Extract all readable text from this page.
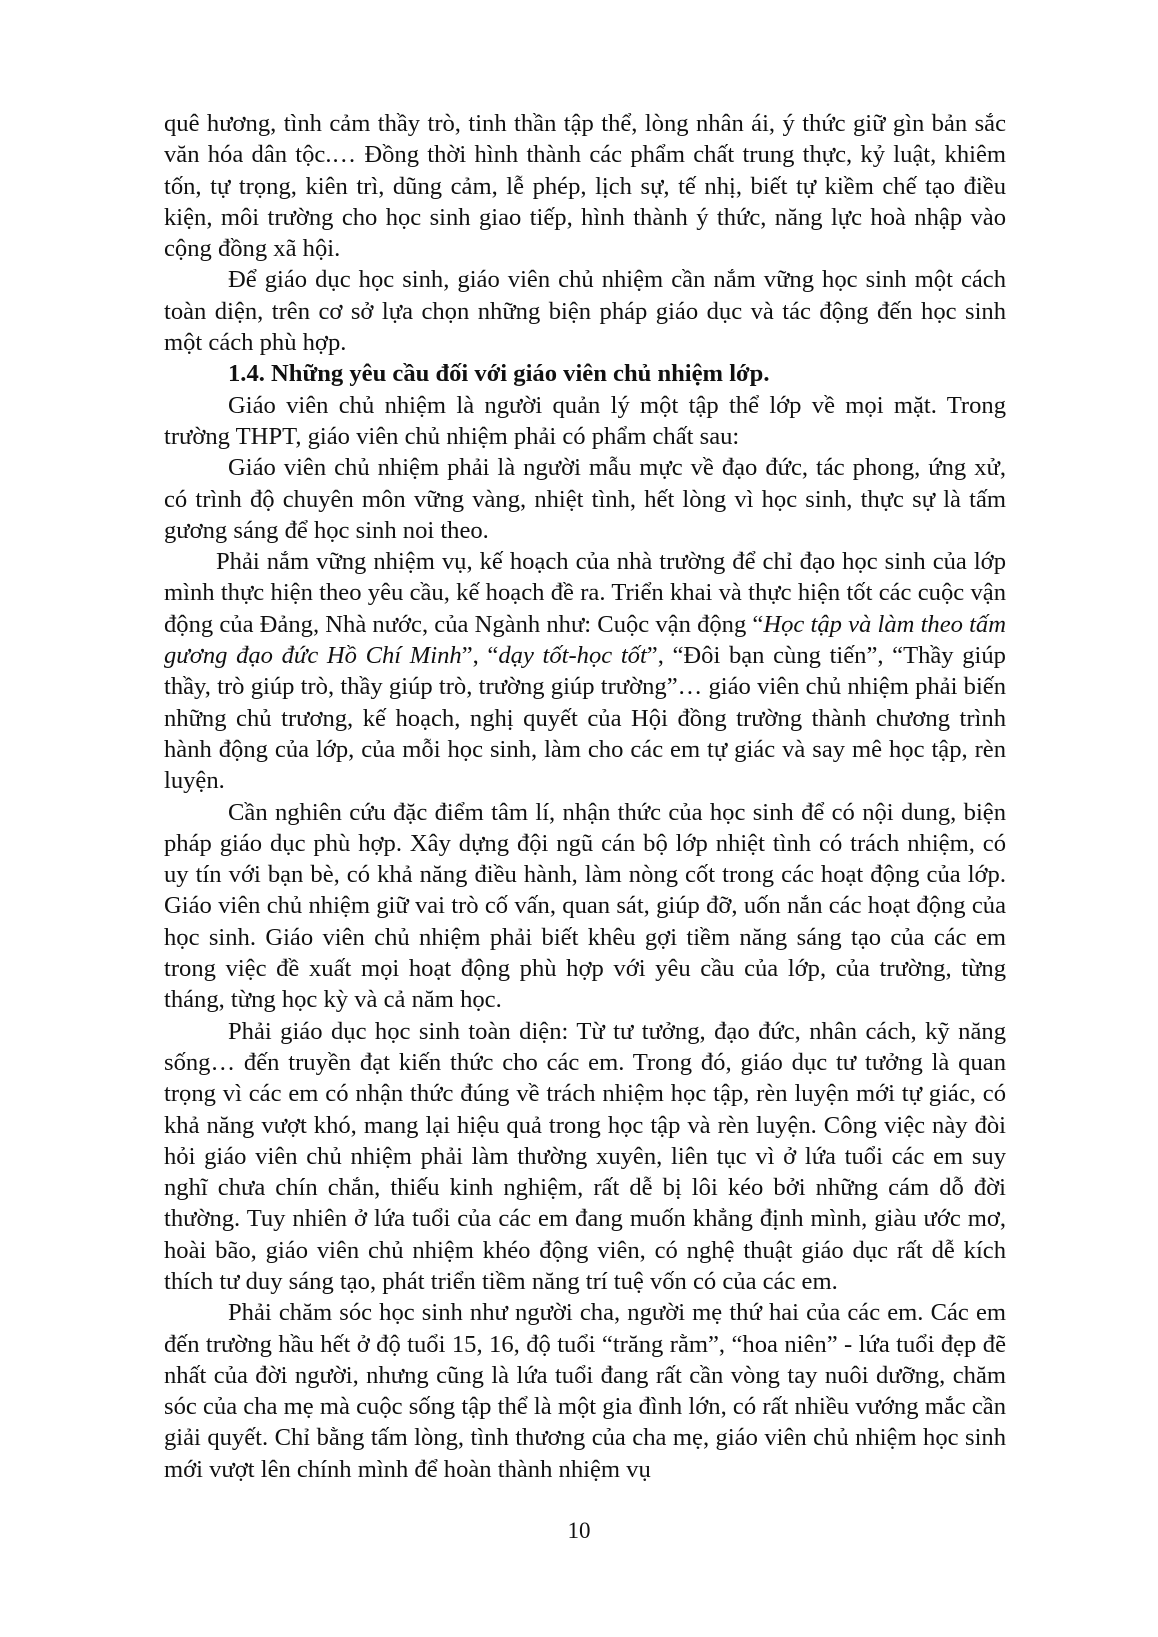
quê hương, tình cảm thầy trò, tinh thần tập thể, lòng nhân ái, ý thức giữ gìn bản sắc văn hóa dân tộc.… Đồng thời hình thành các phẩm chất trung thực, kỷ luật, khiêm tốn, tự trọng, kiên trì, dũng cảm, lễ phép, lịch sự, tế nhị, biết tự kiềm chế tạo điều kiện, môi trường cho học sinh giao tiếp, hình thành ý thức, năng lực hoà nhập vào cộng đồng xã hội.

Để giáo dục học sinh, giáo viên chủ nhiệm cần nắm vững học sinh một cách toàn diện, trên cơ sở lựa chọn những biện pháp giáo dục và tác động đến học sinh một cách phù hợp.

1.4. Những yêu cầu đối với giáo viên chủ nhiệm lớp.

Giáo viên chủ nhiệm là người quản lý một tập thể lớp về mọi mặt. Trong trường THPT, giáo viên chủ nhiệm phải có phẩm chất sau:

Giáo viên chủ nhiệm phải là người mẫu mực về đạo đức, tác phong, ứng xử, có trình độ chuyên môn vững vàng, nhiệt tình, hết lòng vì học sinh, thực sự là tấm gương sáng để học sinh noi theo.

Phải nắm vững nhiệm vụ, kế hoạch của nhà trường để chỉ đạo học sinh của lớp mình thực hiện theo yêu cầu, kế hoạch đề ra. Triển khai và thực hiện tốt các cuộc vận động của Đảng, Nhà nước, của Ngành như: Cuộc vận động “Học tập và làm theo tấm gương đạo đức Hồ Chí Minh”, “dạy tốt-học tốt”, “Đôi bạn cùng tiến”, “Thầy giúp thầy, trò giúp trò, thầy giúp trò, trường giúp trường”… giáo viên chủ nhiệm phải biến những chủ trương, kế hoạch, nghị quyết của Hội đồng trường thành chương trình hành động của lớp, của mỗi học sinh, làm cho các em tự giác và say mê học tập, rèn luyện.

Cần nghiên cứu đặc điểm tâm lí, nhận thức của học sinh để có nội dung, biện pháp giáo dục phù hợp. Xây dựng đội ngũ cán bộ lớp nhiệt tình có trách nhiệm, có uy tín với bạn bè, có khả năng điều hành, làm nòng cốt trong các hoạt động của lớp. Giáo viên chủ nhiệm giữ vai trò cố vấn, quan sát, giúp đỡ, uốn nắn các hoạt động của học sinh. Giáo viên chủ nhiệm phải biết khêu gợi tiềm năng sáng tạo của các em trong việc đề xuất mọi hoạt động phù hợp với yêu cầu của lớp, của trường, từng tháng, từng học kỳ và cả năm học.

Phải giáo dục học sinh toàn diện: Từ tư tưởng, đạo đức, nhân cách, kỹ năng sống… đến truyền đạt kiến thức cho các em. Trong đó, giáo dục tư tưởng là quan trọng vì các em có nhận thức đúng về trách nhiệm học tập, rèn luyện mới tự giác, có khả năng vượt khó, mang lại hiệu quả trong học tập và rèn luyện. Công việc này đòi hỏi giáo viên chủ nhiệm phải làm thường xuyên, liên tục vì ở lứa tuổi các em suy nghĩ chưa chín chắn, thiếu kinh nghiệm, rất dễ bị lôi kéo bởi những cám dỗ đời thường. Tuy nhiên ở lứa tuổi của các em đang muốn khẳng định mình, giàu ước mơ, hoài bão, giáo viên chủ nhiệm khéo động viên, có nghệ thuật giáo dục rất dễ kích thích tư duy sáng tạo, phát triển tiềm năng trí tuệ vốn có của các em.

Phải chăm sóc học sinh như người cha, người mẹ thứ hai của các em. Các em đến trường hầu hết ở độ tuổi 15, 16, độ tuổi “trăng rằm”, “hoa niên” - lứa tuổi đẹp đẽ nhất của đời người, nhưng cũng là lứa tuổi đang rất cần vòng tay nuôi dưỡng, chăm sóc của cha mẹ mà cuộc sống tập thể là một gia đình lớn, có rất nhiều vướng mắc cần giải quyết. Chỉ bằng tấm lòng, tình thương của cha mẹ, giáo viên chủ nhiệm học sinh mới vượt lên chính mình để hoàn thành nhiệm vụ

10
